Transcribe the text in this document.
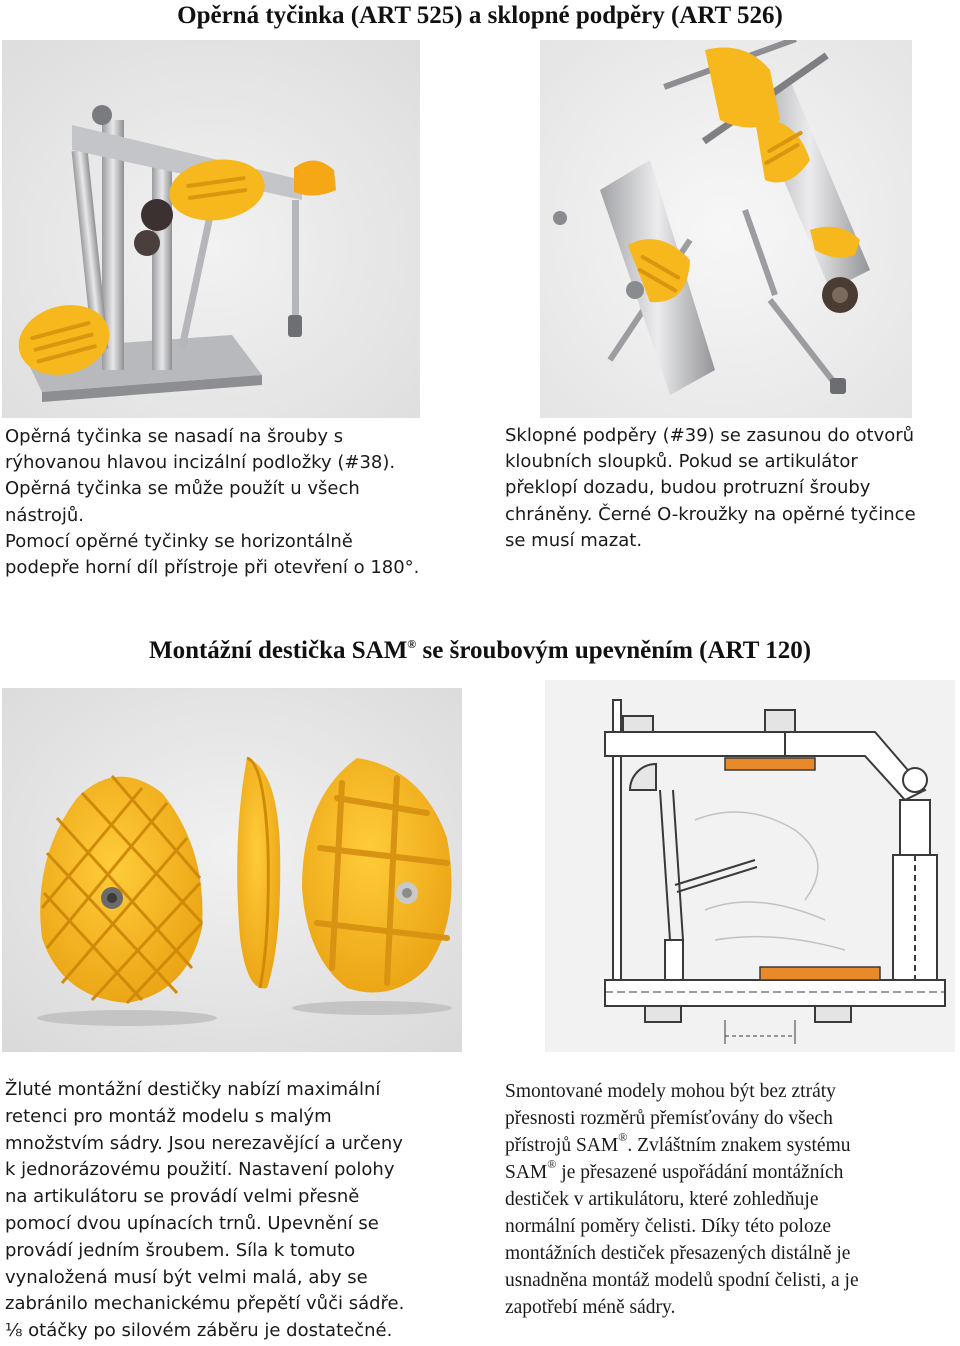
Opěrná tyčinka (ART 525) a sklopné podpěry (ART 526)

Opěrná tyčinka se nasadí na šrouby s

rýhovanou hlavou incizální podložky (#38).

Opěrná tyčinka se může použít u všech

nástrojů.

Pomocí opěrné tyčinky se horizontálně

podepře horní díl přístroje při otevření o 180°.

Sklopné podpěry (#39) se zasunou do otvorů

kloubních sloupků. Pokud se artikulátor

překlopí dozadu, budou protruzní šrouby

chráněny. Černé O-kroužky na opěrné tyčince

se musí mazat.

Montážní destička SAM® se šroubovým upevněním (ART 120)

Žluté montážní destičky nabízí maximální

retenci pro montáž modelu s malým

množstvím sádry. Jsou nerezavějící a určeny

k jednorázovému použití. Nastavení polohy

na artikulátoru se provádí velmi přesně

pomocí dvou upínacích trnů. Upevnění se

provádí jedním šroubem. Síla k tomuto

vynaložená musí být velmi malá, aby se

zabránilo mechanickému přepětí vůči sádře.

⅛ otáčky po silovém záběru je dostatečné.

Smontované modely mohou být bez ztráty

přesnosti rozměrů přemísťovány do všech

přístrojů SAM®. Zvláštním znakem systému

SAM® je přesazené uspořádání montážních

destiček v artikulátoru, které zohledňuje

normální poměry čelisti. Díky této poloze

montážních destiček přesazených distálně je

usnadněna montáž modelů spodní čelisti, a je

zapotřebí méně sádry.
